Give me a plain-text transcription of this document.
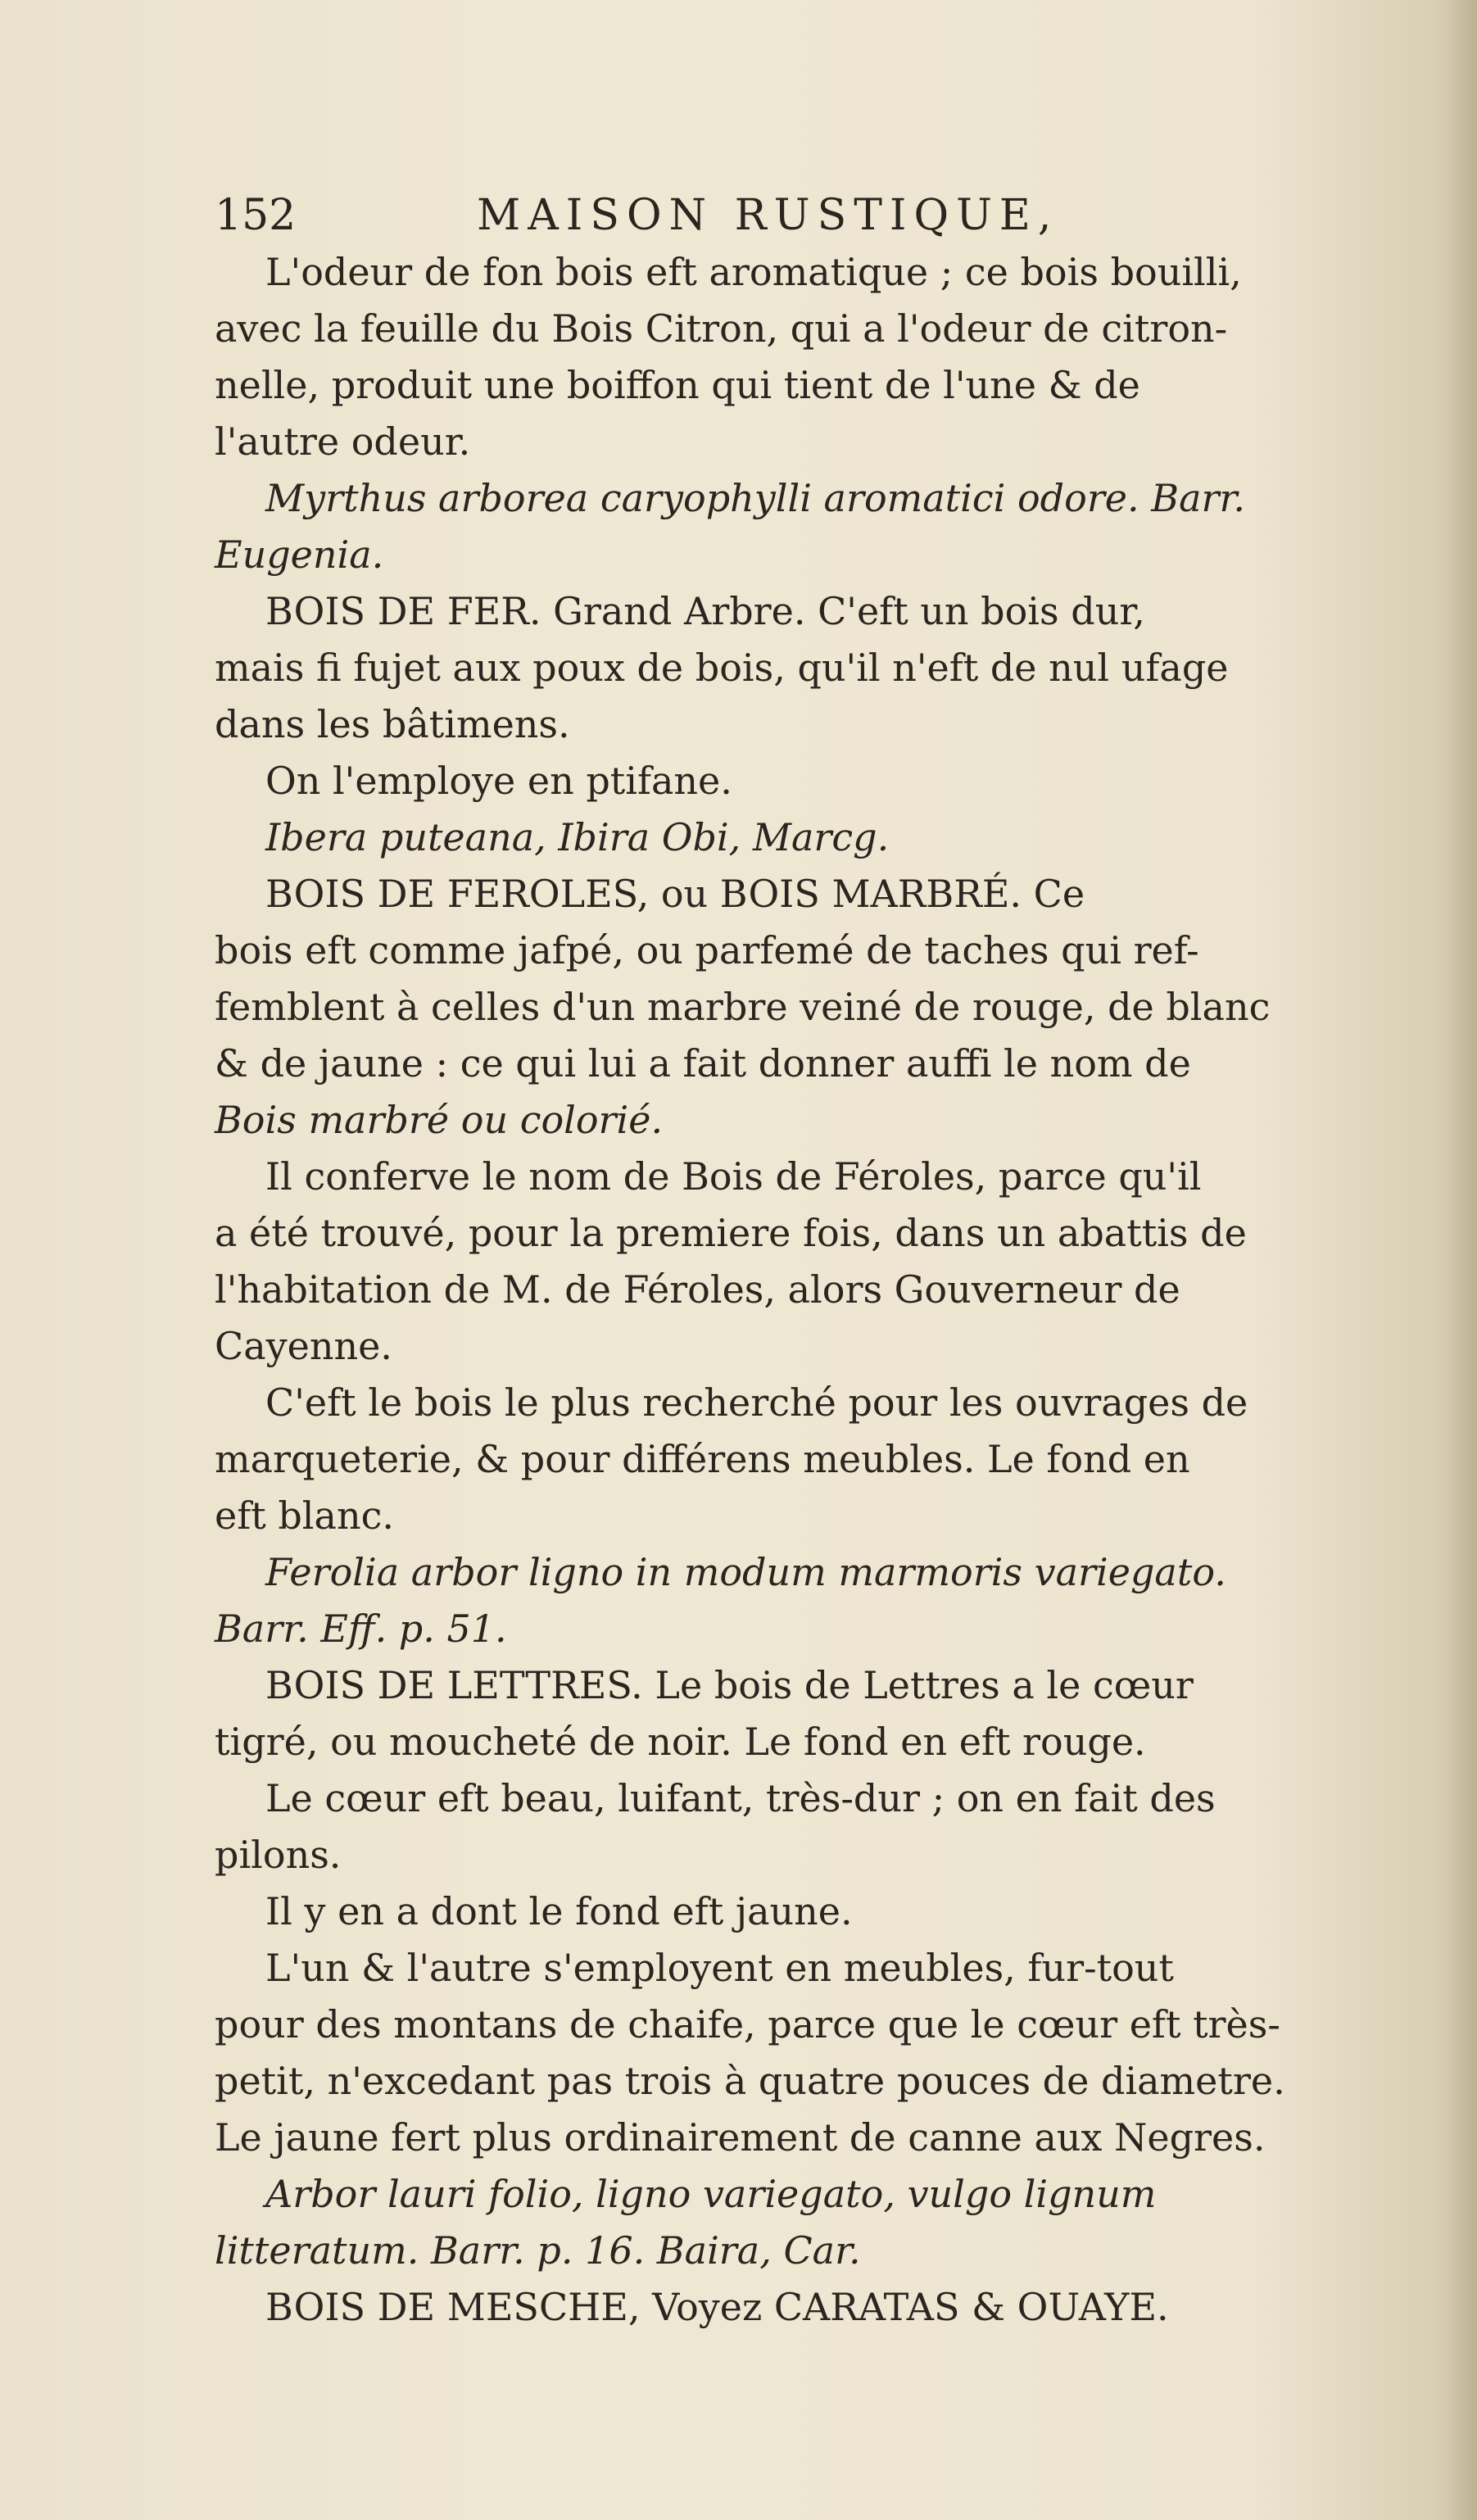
152	MAISON RUSTIQUE,
L'odeur de fon bois eft aromatique ; ce bois bouilli,
avec la feuille du Bois Citron, qui a l'odeur de citron-
nelle, produit une boiffon qui tient de l'une & de
l'autre odeur.
Myrthus arborea caryophylli aromatici odore. Barr.
Eugenia.
BOIS DE FER. Grand Arbre. C'eft un bois dur,
mais fi fujet aux poux de bois, qu'il n'eft de nul ufage
dans les bâtimens.
On l'employe en ptifane.
Ibera puteana, Ibira Obi, Marcg.
BOIS DE FEROLES, ou BOIS MARBRÉ. Ce
bois eft comme jafpé, ou parfemé de taches qui ref-
femblent à celles d'un marbre veiné de rouge, de blanc
& de jaune : ce qui lui a fait donner auffi le nom de
Bois marbré ou colorié.
Il conferve le nom de Bois de Féroles, parce qu'il
a été trouvé, pour la premiere fois, dans un abattis de
l'habitation de M. de Féroles, alors Gouverneur de
Cayenne.
C'eft le bois le plus recherché pour les ouvrages de
marqueterie, & pour différens meubles. Le fond en
eft blanc.
Ferolia arbor ligno in modum marmoris variegato.
Barr. Eff. p. 51.
BOIS DE LETTRES. Le bois de Lettres a le cœur
tigré, ou moucheté de noir. Le fond en eft rouge.
Le cœur eft beau, luifant, très-dur ; on en fait des
pilons.
Il y en a dont le fond eft jaune.
L'un & l'autre s'employent en meubles, fur-tout
pour des montans de chaife, parce que le cœur eft très-
petit, n'excedant pas trois à quatre pouces de diametre.
Le jaune fert plus ordinairement de canne aux Negres.
Arbor lauri folio, ligno variegato, vulgo lignum
litteratum. Barr. p. 16. Baira, Car.
BOIS DE MESCHE, Voyez CARATAS & OUAYE.
